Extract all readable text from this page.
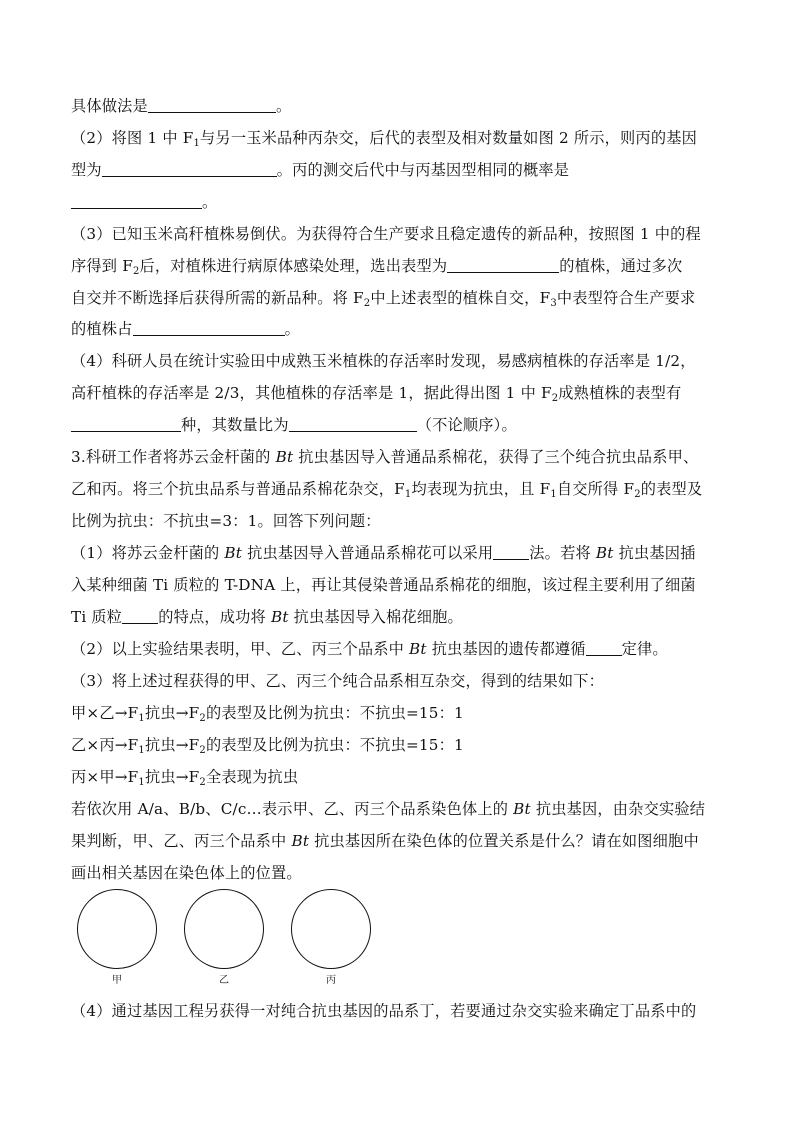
具体做法是	。
（2）将图 1 中 $F_1$与另一玉米品种丙杂交，后代的表型及相对数量如图 2 所示，则丙的基因
型为	。丙的测交后代中与丙基因型相同的概率是
。
（3）已知玉米高秆植株易倒伏。为获得符合生产要求且稳定遗传的新品种，按照图 1 中的程
序得到 $F_2$后，对植株进行病原体感染处理，选出表型为	的植株，通过多次
自交并不断选择后获得所需的新品种。将 $F_2$中上述表型的植株自交，$F_3$中表型符合生产要求
的植株占	。
（4）科研人员在统计实验田中成熟玉米植株的存活率时发现，易感病植株的存活率是 1/2，
高秆植株的存活率是 2/3，其他植株的存活率是 1，据此得出图 1 中 $F_2$成熟植株的表型有
种，其数量比为	（不论顺序）。
3.科研工作者将苏云金杆菌的 Bt 抗虫基因导入普通品系棉花，获得了三个纯合抗虫品系甲、
乙和丙。将三个抗虫品系与普通品系棉花杂交，$F_1$均表现为抗虫，且 $F_1$自交所得 $F_2$的表型及
比例为抗虫：不抗虫=3：1。回答下列问题：
（1）将苏云金杆菌的 Bt 抗虫基因导入普通品系棉花可以采用 法。若将 Bt 抗虫基因插
入某种细菌 Ti 质粒的 T-DNA 上，再让其侵染普通品系棉花的细胞，该过程主要利用了细菌
Ti 质粒 的特点，成功将 Bt 抗虫基因导入棉花细胞。
（2）以上实验结果表明，甲、乙、丙三个品系中 Bt 抗虫基因的遗传都遵循 定律。
（3）将上述过程获得的甲、乙、丙三个纯合品系相互杂交，得到的结果如下：
甲×乙$\to F_1$抗虫$\to F_2$的表型及比例为抗虫：不抗虫=15：1
乙×丙$\to F_1$抗虫$\to F_2$的表型及比例为抗虫：不抗虫=15：1
丙×甲$\to F_1$抗虫$\to F_2$全表现为抗虫
若依次用 A/a、B/b、C/c…表示甲、乙、丙三个品系染色体上的 Bt 抗虫基因，由杂交实验结
果判断，甲、乙、丙三个品系中 Bt 抗虫基因所在染色体的位置关系是什么？请在如图细胞中
画出相关基因在染色体上的位置。
甲	乙	丙
（4）通过基因工程另获得一对纯合抗虫基因的品系丁，若要通过杂交实验来确定丁品系中的
